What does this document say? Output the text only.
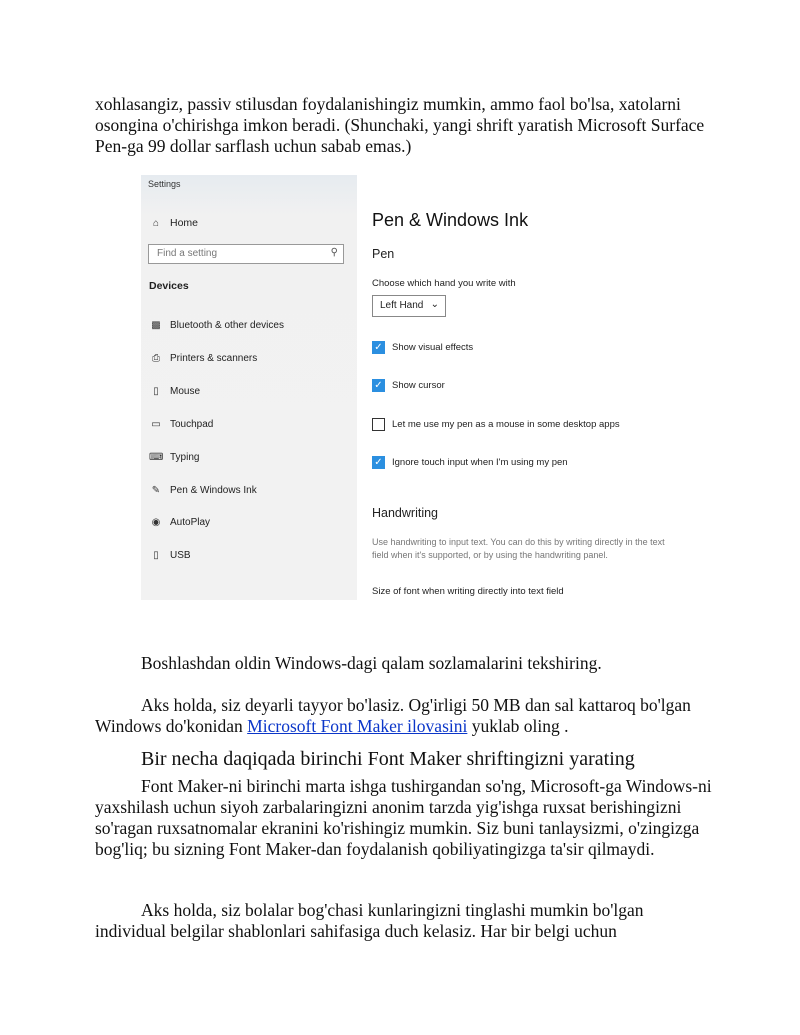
xohlasangiz, passiv stilusdan foydalanishingiz mumkin, ammo faol bo'lsa, xatolarni osongina o'chirishga imkon beradi. (Shunchaki, yangi shrift yaratish Microsoft Surface Pen-ga 99 dollar sarflash uchun sabab emas.)

Settings
⌂	Home
Find a setting	⚲
Devices
▩ Bluetooth & other devices
⎙	Printers & scanners
▯	Mouse
▭ Touchpad
⌨ Typing
✎ Pen & Windows Ink
◉ AutoPlay
▯	USB
Pen & Windows Ink
Pen
Choose which hand you write with
Left Hand ⌄
✓ Show visual effects
✓ Show cursor
Let me use my pen as a mouse in some desktop apps
✓ Ignore touch input when I'm using my pen
Handwriting
Use handwriting to input text. You can do this by writing directly in the text field when it's supported, or by using the handwriting panel.
Size of font when writing directly into text field

Boshlashdan oldin Windows-dagi qalam sozlamalarini tekshiring.

Aks holda, siz deyarli tayyor bo'lasiz. Og'irligi 50 MB dan sal kattaroq bo'lgan Windows do'konidan Microsoft Font Maker ilovasini yuklab oling .

Bir necha daqiqada birinchi Font Maker shriftingizni yarating

Font Maker-ni birinchi marta ishga tushirgandan so'ng, Microsoft-ga Windows-ni yaxshilash uchun siyoh zarbalaringizni anonim tarzda yig'ishga ruxsat berishingizni so'ragan ruxsatnomalar ekranini ko'rishingiz mumkin. Siz buni tanlaysizmi, o'zingizga bog'liq; bu sizning Font Maker-dan foydalanish qobiliyatingizga ta'sir qilmaydi.

Aks holda, siz bolalar bog'chasi kunlaringizni tinglashi mumkin bo'lgan individual belgilar shablonlari sahifasiga duch kelasiz. Har bir belgi uchun
